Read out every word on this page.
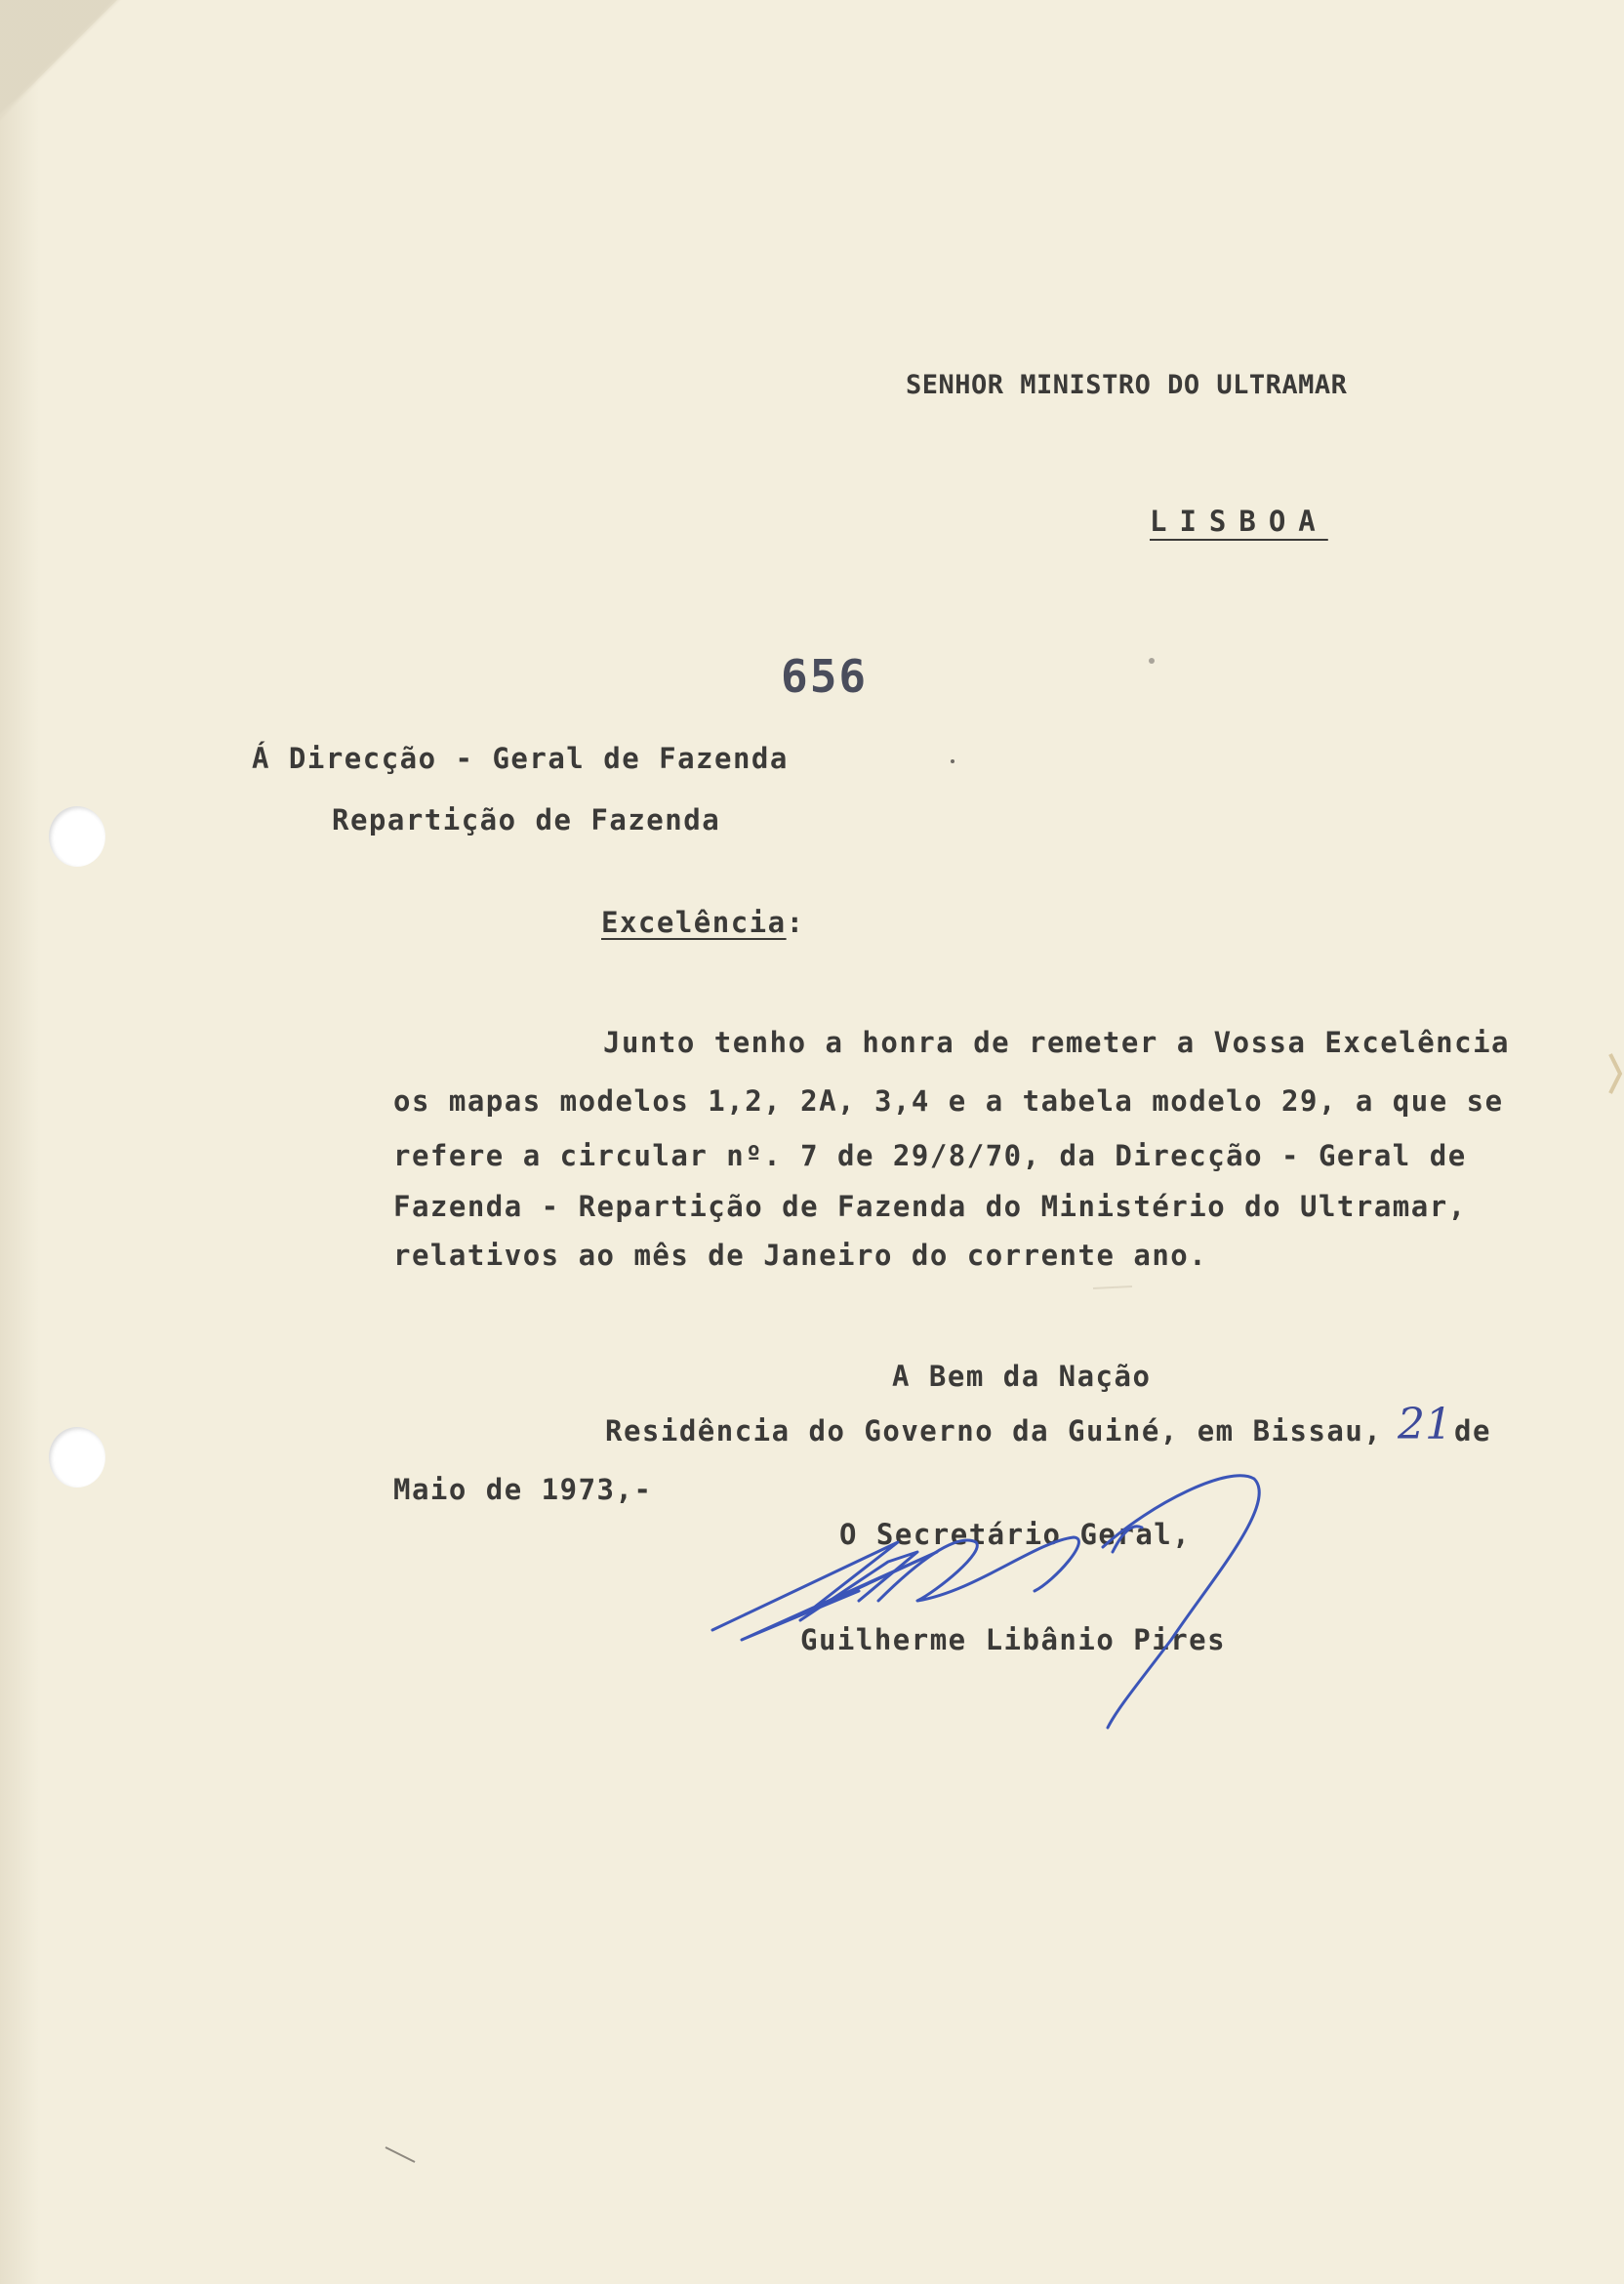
SENHOR MINISTRO DO ULTRAMAR
LISBOA
656
Á Direcção - Geral de Fazenda
Repartição de Fazenda
Excelência:
Junto tenho a honra de remeter a Vossa Excelência
os mapas modelos 1,2, 2A, 3,4 e a tabela modelo 29, a que se
refere a circular nº. 7 de 29/8/70, da Direcção - Geral de
Fazenda - Repartição de Fazenda do Ministério do Ultramar,
relativos ao mês de Janeiro do corrente ano.
A Bem da Nação
Residência do Governo da Guiné, em Bissau, 21 de
Maio de 1973,-
O Secretário Geral,
Guilherme Libânio Pires
